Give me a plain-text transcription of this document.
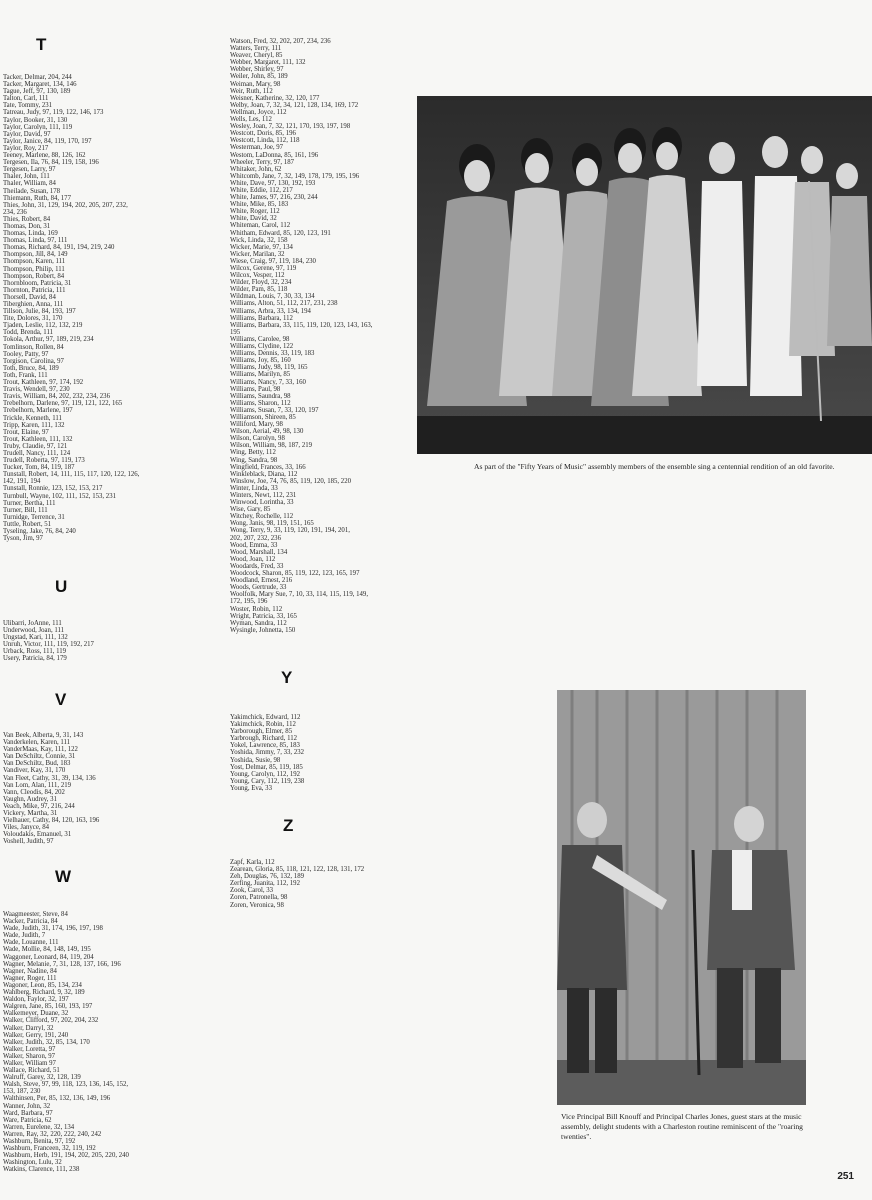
T
Tacker, Delmar, 204, 244
Tacker, Margaret, 134, 146
Tague, Jeff, 97, 130, 189
Talton, Carl, 111
Tate, Tommy, 231
Tatreau, Judy, 97, 119, 122, 146, 173
Taylor, Booker, 31, 130
Taylor, Carolyn, 111, 119
Taylor, David, 97
Taylor, Janice, 84, 119, 170, 197
Taylor, Roy, 217
Teeney, Marlene, 88, 126, 162
Tergesen, Ila, 76, 84, 119, 158, 196
Tergesen, Larry, 97
Thaler, John, 111
Thaler, William, 84
Theilade, Susan, 178
Thiemann, Ruth, 84, 177
Thies, John, 31, 129, 194, 202, 205, 207, 232,
234, 236
Thies, Robert, 84
Thomas, Don, 31
Thomas, Linda, 169
Thomas, Linda, 97, 111
Thomas, Richard, 84, 191, 194, 219, 240
Thompson, Jill, 84, 149
Thompson, Karen, 111
Thompson, Philip, 111
Thompson, Robert, 84
Thornbloom, Patricia, 31
Thornton, Patricia, 111
Thorsell, David, 84
Tiberghien, Anna, 111
Tillson, Julie, 84, 193, 197
Tite, Dolores, 31, 170
Tjaden, Leslie, 112, 132, 219
Todd, Brenda, 111
Tokola, Arthur, 97, 189, 219, 234
Tomlinson, Rollen, 84
Tooley, Patty, 97
Torgison, Carolina, 97
Toth, Bruce, 84, 189
Toth, Frank, 111
Trout, Kathleen, 97, 174, 192
Travis, Wendell, 97, 230
Travis, William, 84, 202, 232, 234, 236
Trebelhorn, Darlene, 97, 119, 121, 122, 165
Trebelhorn, Marlene, 197
Trickle, Kenneth, 111
Tripp, Karen, 111, 132
Trout, Elaine, 97
Trout, Kathleen, 111, 132
Truby, Claudie, 97, 121
Trudell, Nancy, 111, 124
Trudell, Roberta, 97, 119, 173
Tucker, Tom, 84, 119, 187
Tunstall, Robert, 14, 111, 115, 117, 120, 122, 126,
142, 191, 194
Tunstall, Ronnie, 123, 152, 153, 217
Turnbull, Wayne, 102, 111, 152, 153, 231
Turner, Bertha, 111
Turner, Bill, 111
Turnidge, Terrence, 31
Tuttle, Robert, 51
Tyseling, Jake, 76, 84, 240
Tyson, Jim, 97
U
Ulibarri, JoAnne, 111
Underwood, Joan, 111
Ungstad, Kari, 111, 132
Unruh, Victor, 111, 119, 192, 217
Urback, Ross, 111, 119
Usery, Patricia, 84, 179
V
Van Beek, Alberta, 9, 31, 143
Vanderkelen, Karen, 111
VanderMaas, Kay, 111, 122
Van DeSchiltz, Connie, 31
Van DeSchiltz, Bud, 183
Vandiver, Kay, 31, 170
Van Fleet, Cathy, 31, 39, 134, 136
Van Lom, Alan, 111, 219
Vann, Cleodis, 84, 202
Vaughn, Audrey, 31
Veach, Mike, 97, 216, 244
Vickery, Martha, 31
Vielhauer, Cathy, 84, 120, 163, 196
Viles, Janyce, 84
Voloudakis, Emanuel, 31
Voshell, Judith, 97
W
Waagmeester, Steve, 84
Wacker, Patricia, 84
Wade, Judith, 31, 174, 196, 197, 198
Wade, Judith, 7
Wade, Louanne, 111
Wade, Mollie, 84, 148, 149, 195
Waggoner, Leonard, 84, 119, 204
Wagner, Melanie, 7, 31, 128, 137, 166, 196
Wagner, Nadine, 84
Wagner, Roger, 111
Wagoner, Leon, 85, 134, 234
Wahlberg, Richard, 9, 32, 189
Waldon, Faylor, 32, 197
Walgren, Jane, 85, 160, 193, 197
Walkemeyer, Duane, 32
Walker, Clifford, 97, 202, 204, 232
Walker, Darryl, 32
Walker, Gerry, 191, 240
Walker, Judith, 32, 85, 134, 170
Walker, Loretta, 97
Walker, Sharon, 97
Walker, William 97
Wallace, Richard, 51
Walruff, Garey, 32, 128, 139
Walsh, Steve, 97, 99, 118, 123, 136, 145, 152,
153, 187, 230
Walthinsen, Per, 85, 132, 136, 149, 196
Wanner, John, 32
Ward, Barbara, 97
Ware, Patricia, 62
Warren, Eurelene, 32, 134
Warren, Ray, 32, 220, 222, 240, 242
Washburn, Benita, 97, 192
Washburn, Franceen, 32, 119, 192
Washburn, Herb, 191, 194, 202, 205, 220, 240
Washington, Lulu, 32
Watkins, Clarence, 111, 238
Watson, Fred, 32, 202, 207, 234, 236
Watters, Terry, 111
Weaver, Cheryl, 85
Webber, Margaret, 111, 132
Webber, Shirley, 97
Weiler, John, 85, 189
Weiman, Mary, 98
Weir, Ruth, 112
Weisner, Katherine, 32, 120, 177
Welby, Joan, 7, 32, 34, 121, 128, 134, 169, 172
Wellman, Joyce, 112
Wells, Les, 112
Wesley, Joan, 7, 32, 121, 170, 193, 197, 198
Westcott, Doris, 85, 196
Westcott, Linda, 112, 118
Westerman, Joe, 97
Westom, LaDonna, 85, 161, 196
Wheeler, Terry, 97, 187
Whitaker, John, 62
Whitcomb, Jane, 7, 32, 149, 178, 179, 195, 196
White, Dave, 97, 130, 192, 193
White, Eddie, 112, 217
White, James, 97, 216, 230, 244
White, Mike, 85, 183
White, Roger, 112
White, David, 32
Whiteman, Carol, 112
Whitham, Edward, 85, 120, 123, 191
Wick, Linda, 32, 158
Wicker, Marie, 97, 134
Wicker, Marilan, 32
Wiese, Craig, 97, 119, 184, 230
Wilcox, Gerene, 97, 119
Wilcox, Vesper, 112
Wilder, Floyd, 32, 234
Wilder, Pam, 85, 118
Wildman, Louis, 7, 30, 33, 134
Williams, Alton, 51, 112, 217, 231, 238
Williams, Arbra, 33, 134, 194
Williams, Barbara, 112
Williams, Barbara, 33, 115, 119, 120, 123, 143, 163,
195
Williams, Carolee, 98
Williams, Clydine, 122
Williams, Dennis, 33, 119, 183
Williams, Joy, 85, 160
Williams, Judy, 98, 119, 165
Williams, Marilyn, 85
Williams, Nancy, 7, 33, 160
Williams, Paul, 98
Williams, Saundra, 98
Williams, Sharon, 112
Williams, Susan, 7, 33, 120, 197
Williamson, Shireen, 85
Williford, Mary, 98
Wilson, Aerial, 49, 98, 130
Wilson, Carolyn, 98
Wilson, William, 98, 187, 219
Wing, Betty, 112
Wing, Sandra, 98
Wingfield, Frances, 33, 166
Winkleblack, Diana, 112
Winslow, Joe, 74, 76, 85, 119, 120, 185, 220
Winter, Linda, 33
Winters, Newt, 112, 231
Winwood, Lorintha, 33
Wise, Gary, 85
Witchey, Rochelle, 112
Wong, Janis, 98, 119, 151, 165
Wong, Terry, 9, 33, 119, 120, 191, 194, 201,
202, 207, 232, 236
Wood, Emma, 33
Wood, Marshall, 134
Wood, Joan, 112
Woodards, Fred, 33
Woodcock, Sharon, 85, 119, 122, 123, 165, 197
Woodland, Ernest, 216
Woods, Gertrude, 33
Woolfolk, Mary Sue, 7, 10, 33, 114, 115, 119, 149,
172, 195, 196
Woster, Robin, 112
Wright, Patricia, 33, 165
Wyman, Sandra, 112
Wysingle, Johnetta, 150
Y
Yakimchick, Edward, 112
Yakimchick, Robin, 112
Yarborough, Elmer, 85
Yarbrough, Richard, 112
Yokel, Lawrence, 85, 183
Yoshida, Jimmy, 7, 33, 232
Yoshida, Susie, 98
Yost, Delmar, 85, 119, 185
Young, Carolyn, 112, 192
Young, Cary, 112, 119, 238
Young, Eva, 33
Z
Zapf, Karla, 112
Zearean, Gloria, 85, 118, 121, 122, 128, 131, 172
Zeh, Douglas, 76, 132, 189
Zerfing, Juanita, 112, 192
Zook, Carol, 33
Zoren, Patronella, 98
Zoren, Veronica, 98
As part of the "Fifty Years of Music" assembly members of the ensemble sing a centennial rendition of an old favorite.
Vice Principal Bill Knouff and Principal Charles Jones, guest stars at the music assembly, delight students with a Charleston routine reminiscent of the "roaring twenties".
251
